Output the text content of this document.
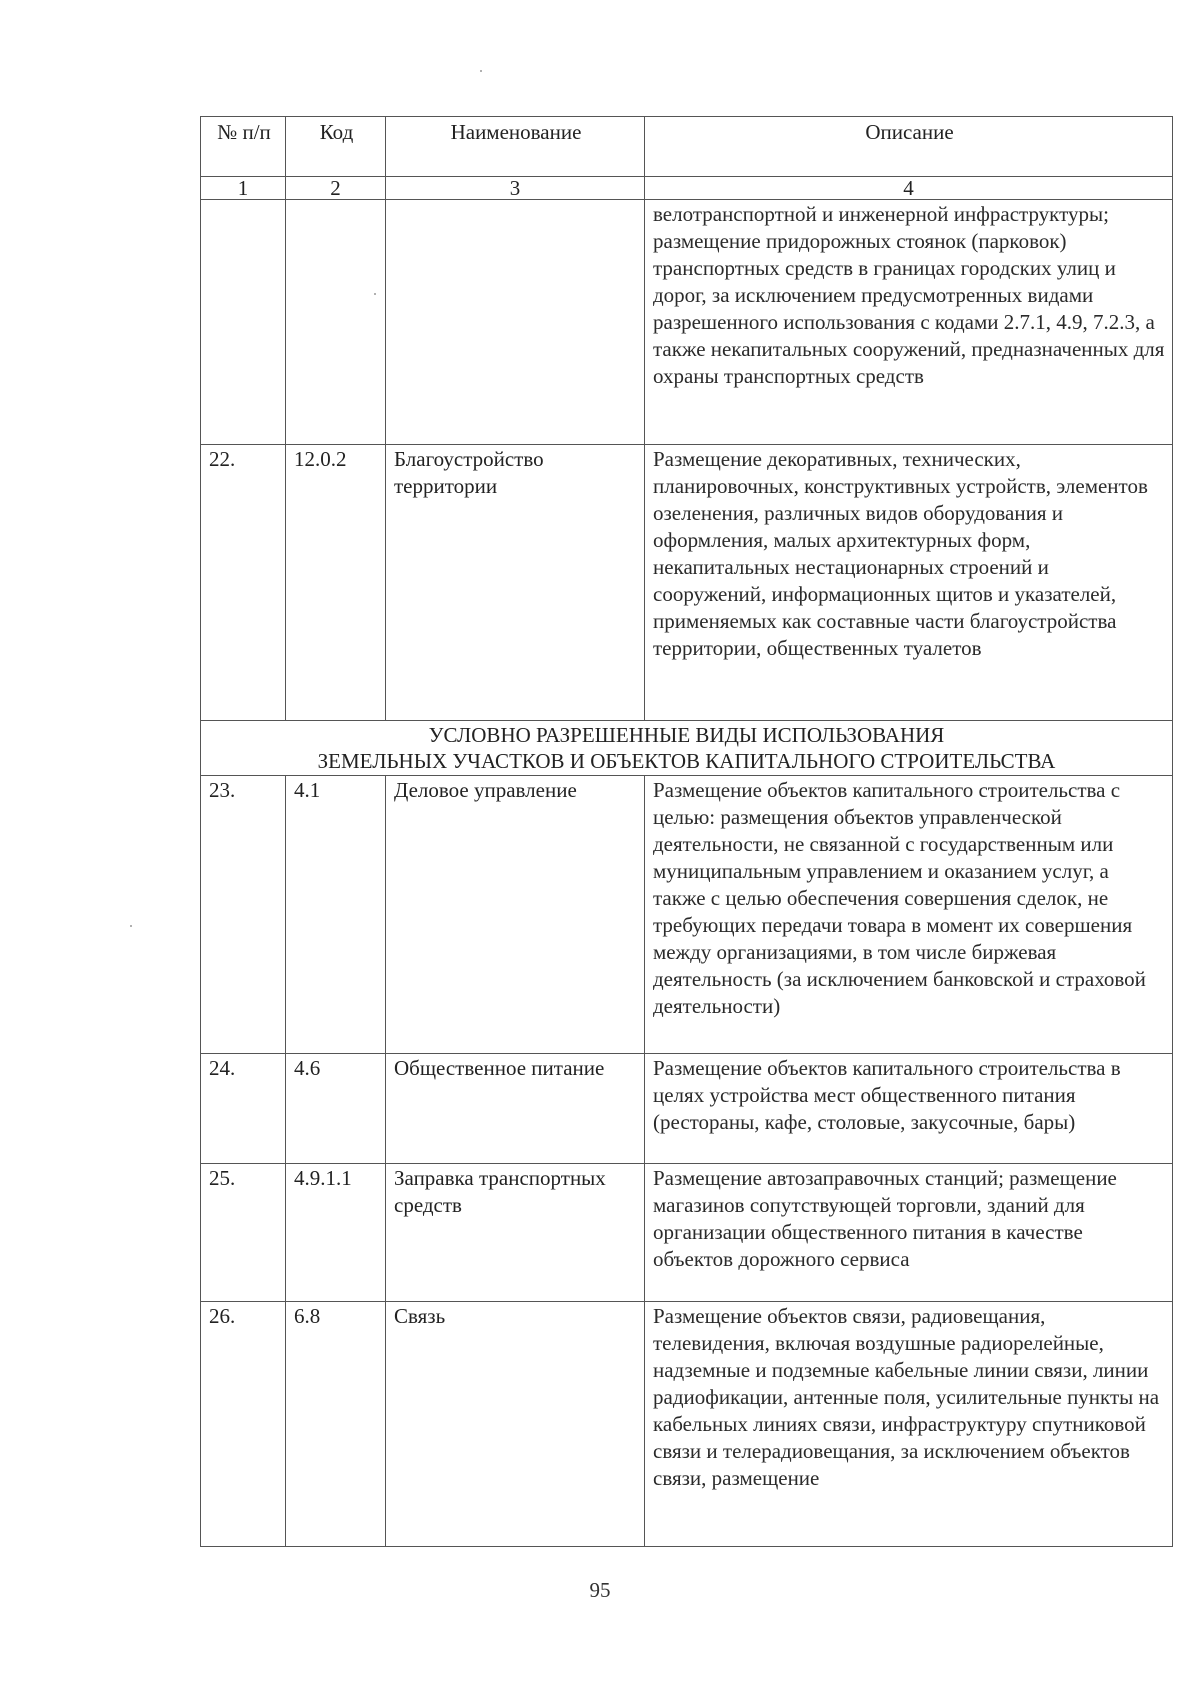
№ п/п	Код	Наименование	Описание
1	2	3	4
			велотранспортной и инженерной инфраструктуры; размещение придорожных стоянок (парковок) транспортных средств в границах городских улиц и дорог, за исключением предусмотренных видами разрешенного использования с кодами 2.7.1, 4.9, 7.2.3, а также некапитальных сооружений, предназначенных для охраны транспортных средств
22.	12.0.2	Благоустройство территории	Размещение декоративных, технических, планировочных, конструктивных устройств, элементов озеленения, различных видов оборудования и оформления, малых архитектурных форм, некапитальных нестационарных строений и сооружений, информационных щитов и указателей, применяемых как составные части благоустройства территории, общественных туалетов

УСЛОВНО РАЗРЕШЕННЫЕ ВИДЫ ИСПОЛЬЗОВАНИЯ
ЗЕМЕЛЬНЫХ УЧАСТКОВ И ОБЪЕКТОВ КАПИТАЛЬНОГО СТРОИТЕЛЬСТВА			

23.	4.1	Деловое управление	Размещение объектов капитального строительства с целью: размещения объектов управленческой деятельности, не связанной с государственным или муниципальным управлением и оказанием услуг, а также с целью обеспечения совершения сделок, не требующих передачи товара в момент их совершения между организациями, в том числе биржевая деятельность (за исключением банковской и страховой деятельности)
24.	4.6	Общественное питание	Размещение объектов капитального строительства в целях устройства мест общественного питания (рестораны, кафе, столовые, закусочные, бары)
25.	4.9.1.1	Заправка транспортных средств	Размещение автозаправочных станций; размещение магазинов сопутствующей торговли, зданий для организации общественного питания в качестве объектов дорожного сервиса
26.	6.8	Связь	Размещение объектов связи, радиовещания, телевидения, включая воздушные радиорелейные, надземные и подземные кабельные линии связи, линии радиофикации, антенные поля, усилительные пункты на кабельных линиях связи, инфраструктуру спутниковой связи и телерадиовещания, за исключением объектов связи, размещение
95
